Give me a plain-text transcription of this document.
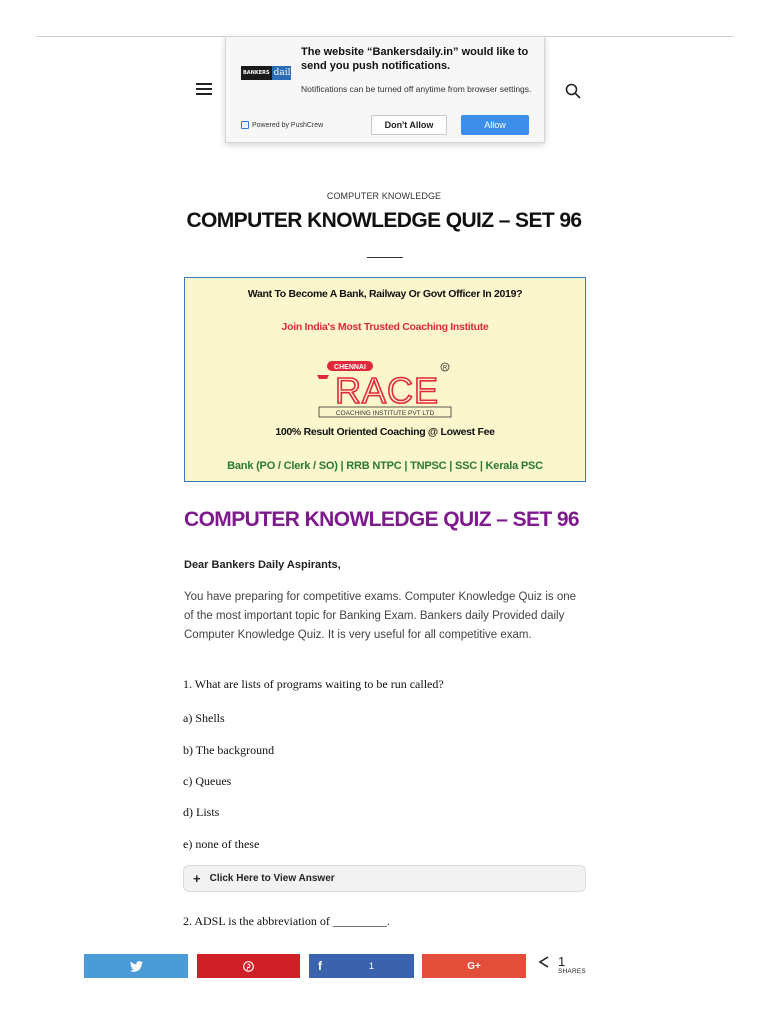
BANKERS daily
The website “Bankersdaily.in” would like to send you push notifications.
Notifications can be turned off anytime from browser settings.
Powered by PushCrew	Don't Allow	Allow
COMPUTER KNOWLEDGE
COMPUTER KNOWLEDGE QUIZ – SET 96
Want To Become A Bank, Railway Or Govt Officer In 2019?
Join India's Most Trusted Coaching Institute
CHENNAI
RACE
R
COACHING INSTITUTE PVT LTD
100% Result Oriented Coaching @ Lowest Fee
Bank (PO / Clerk / SO) | RRB NTPC | TNPSC | SSC | Kerala PSC
COMPUTER KNOWLEDGE QUIZ – SET 96
Dear Bankers Daily Aspirants,
You have preparing for competitive exams. Computer Knowledge Quiz is one of the most important topic for Banking Exam. Bankers daily Provided daily Computer Knowledge Quiz. It is very useful for all competitive exam.
1. What are lists of programs waiting to be run called?
a) Shells
b) The background
c) Queues
d) Lists
e) none of these
+ Click Here to View Answer
2. ADSL is the abbreviation of _________.
f	1	G+	1
SHARES
